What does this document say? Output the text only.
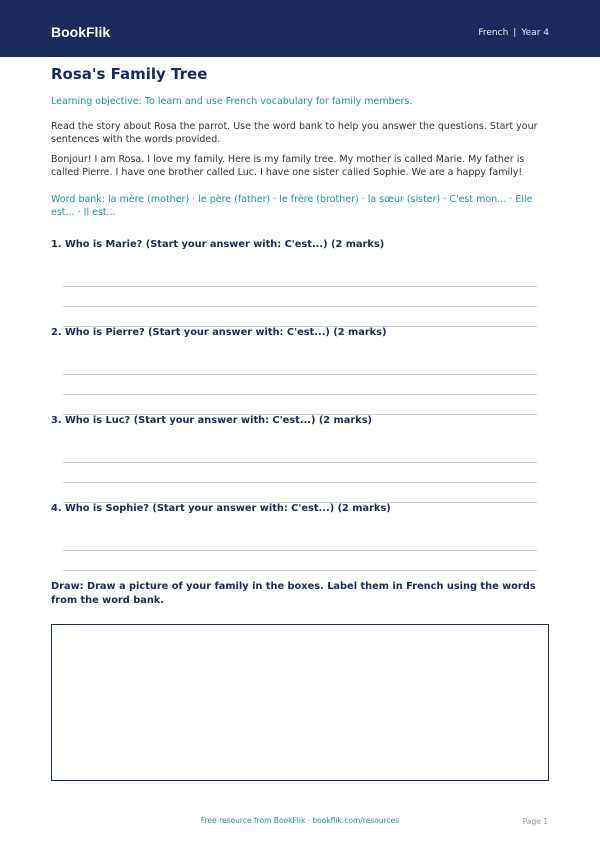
BookFlik	French | Year 4
Rosa's Family Tree
Learning objective: To learn and use French vocabulary for family members.
Read the story about Rosa the parrot. Use the word bank to help you answer the questions. Start your sentences with the words provided.
Bonjour! I am Rosa. I love my family. Here is my family tree. My mother is called Marie. My father is called Pierre. I have one brother called Luc. I have one sister called Sophie. We are a happy family!
Word bank: la mère (mother) · le père (father) · le frère (brother) · la sœur (sister) · C'est mon... · Elle est... · Il est...
1. Who is Marie? (Start your answer with: C'est...) (2 marks)
2. Who is Pierre? (Start your answer with: C'est...) (2 marks)
3. Who is Luc? (Start your answer with: C'est...) (2 marks)
4. Who is Sophie? (Start your answer with: C'est...) (2 marks)
Draw: Draw a picture of your family in the boxes. Label them in French using the words from the word bank.
Free resource from BookFlik · bookflik.com/resources	Page 1
